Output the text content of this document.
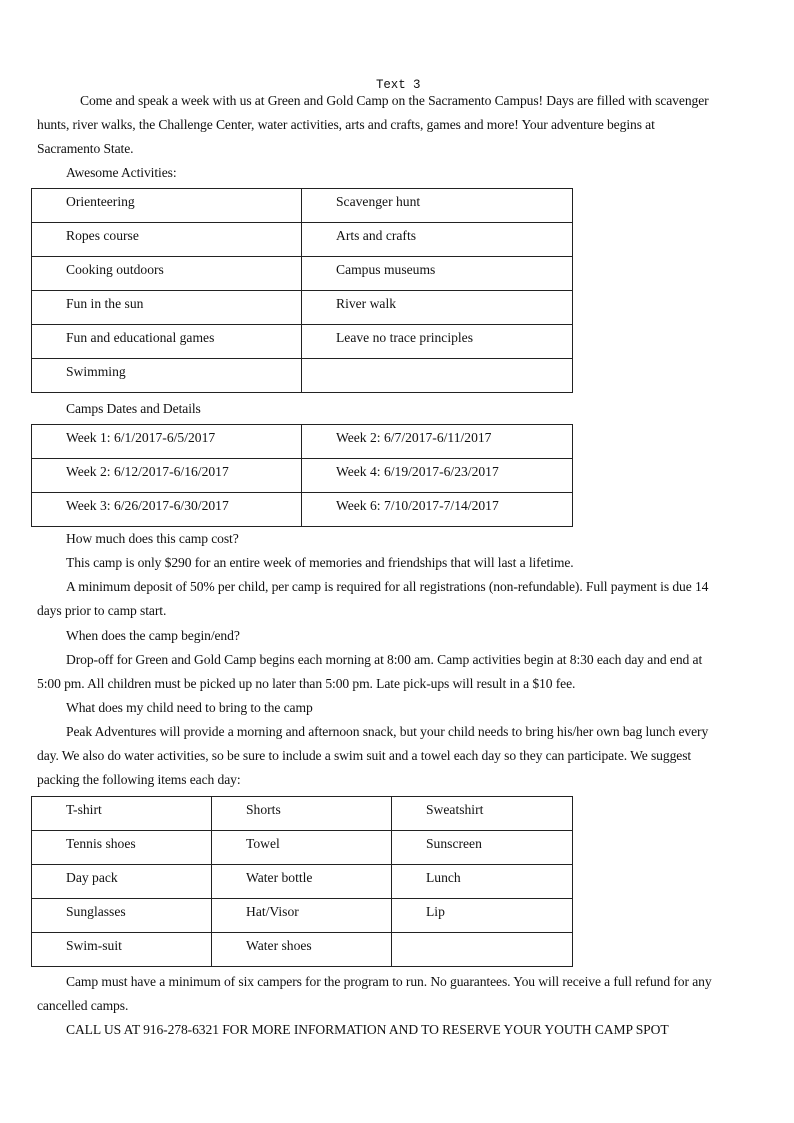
Text 3
Come and speak a week with us at Green and Gold Camp on the Sacramento Campus! Days are filled with scavenger
hunts, river walks, the Challenge Center, water activities, arts and crafts, games and more! Your adventure begins at
Sacramento State.
Awesome Activities:
Orienteering	Scavenger hunt
Ropes course	Arts and crafts
Cooking outdoors	Campus museums
Fun in the sun	River walk
Fun and educational games	Leave no trace principles
Swimming	
Camps Dates and Details
Week 1: 6/1/2017-6/5/2017	Week 2: 6/7/2017-6/11/2017
Week 2: 6/12/2017-6/16/2017	Week 4: 6/19/2017-6/23/2017
Week 3: 6/26/2017-6/30/2017	Week 6: 7/10/2017-7/14/2017
How much does this camp cost?
This camp is only $290 for an entire week of memories and friendships that will last a lifetime.
A minimum deposit of 50% per child, per camp is required for all registrations (non-refundable). Full payment is due 14
days prior to camp start.
When does the camp begin/end?
Drop-off for Green and Gold Camp begins each morning at 8:00 am. Camp activities begin at 8:30 each day and end at
5:00 pm. All children must be picked up no later than 5:00 pm. Late pick-ups will result in a $10 fee.
What does my child need to bring to the camp
Peak Adventures will provide a morning and afternoon snack, but your child needs to bring his/her own bag lunch every
day. We also do water activities, so be sure to include a swim suit and a towel each day so they can participate. We suggest
packing the following items each day:
T-shirt	Shorts	Sweatshirt
Tennis shoes	Towel	Sunscreen
Day pack	Water bottle	Lunch
Sunglasses	Hat/Visor	Lip
Swim-suit	Water shoes	
Camp must have a minimum of six campers for the program to run. No guarantees. You will receive a full refund for any
cancelled camps.
CALL US AT 916-278-6321 FOR MORE INFORMATION AND TO RESERVE YOUR YOUTH CAMP SPOT
